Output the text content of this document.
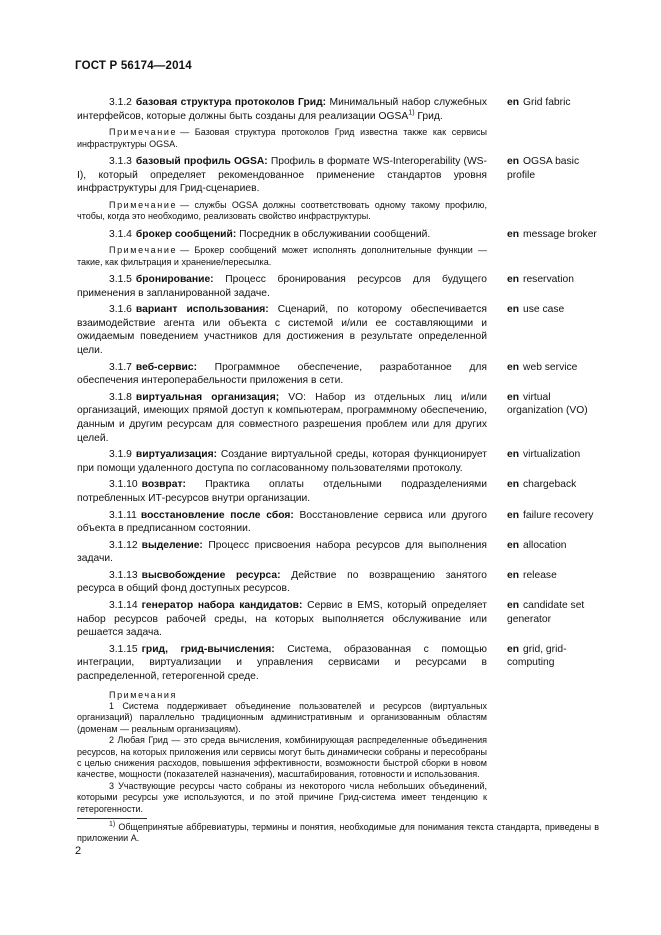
ГОСТ Р 56174—2014

3.1.2 базовая структура протоколов Грид: Минимальный набор служебных интерфейсов, которые должны быть созданы для реализации OGSA$^{1)}$ Грид.

en Grid fabric

Примечание — Базовая структура протоколов Грид известна также как сервисы инфраструктуры OGSA.

3.1.3 базовый профиль OGSA: Профиль в формате WS-Interoperability (WS-I), который определяет рекомендованное применение стандартов уровня инфраструктуры для Грид-сценариев.

en OGSA basic profile

Примечание — службы OGSA должны соответствовать одному такому профилю, чтобы, когда это необходимо, реализовать свойство инфраструктуры.

3.1.4 брокер сообщений: Посредник в обслуживании сообщений.	en message broker

Примечание — Брокер сообщений может исполнять дополнительные функции — такие, как фильтрация и хранение/пересылка.

3.1.5 бронирование: Процесс бронирования ресурсов для будущего применения в запланированной задаче.

en reservation

3.1.6 вариант использования: Сценарий, по которому обеспечивается взаимодействие агента или объекта с системой и/или ее составляющими и ожидаемым поведением участников для достижения в результате определенной цели.

en use case

3.1.7 веб-сервис: Программное обеспечение, разработанное для обеспечения интероперабельности приложения в сети.

en web service

3.1.8 виртуальная организация; VO: Набор из отдельных лиц и/или организаций, имеющих прямой доступ к компьютерам, программному обеспечению, данным и другим ресурсам для совместного разрешения проблем или для других целей.

en virtual organization (VO)

3.1.9 виртуализация: Создание виртуальной среды, которая функционирует при помощи удаленного доступа по согласованному пользователями протоколу.

en virtualization

3.1.10 возврат: Практика оплаты отдельными подразделениями потребленных ИТ-ресурсов внутри организации.

en chargeback

3.1.11 восстановление после сбоя: Восстановление сервиса или другого объекта в предписанном состоянии.

en failure recovery

3.1.12 выделение: Процесс присвоения набора ресурсов для выполнения задачи.

en allocation

3.1.13 высвобождение ресурса: Действие по возвращению занятого ресурса в общий фонд доступных ресурсов.

en release

3.1.14 генератор набора кандидатов: Сервис в EMS, который определяет набор ресурсов рабочей среды, на которых выполняется обслуживание или решается задача.

en candidate set generator

3.1.15 грид, грид-вычисления: Система, образованная с помощью интеграции, виртуализации и управления сервисами и ресурсами в распределенной, гетерогенной среде.

en grid, grid-computing

Примечания

1 Система поддерживает объединение пользователей и ресурсов (виртуальных организаций) параллельно традиционным административным и организованным областям (доменам — реальным организациям).

2 Любая Грид — это среда вычисления, комбинирующая распределенные объединения ресурсов, на которых приложения или сервисы могут быть динамически собраны и пересобраны с целью снижения расходов, повышения эффективности, возможности быстрой сборки в новом качестве, мощности (показателей назначения), масштабирования, готовности и использования.

3 Участвующие ресурсы часто собраны из некоторого числа небольших объединений, которыми ресурсы уже используются, и по этой причине Грид-система имеет тенденцию к гетерогенности.

$^{1)}$ Общепринятые аббревиатуры, термины и понятия, необходимые для понимания текста стандарта, приведены в приложении А.

2
